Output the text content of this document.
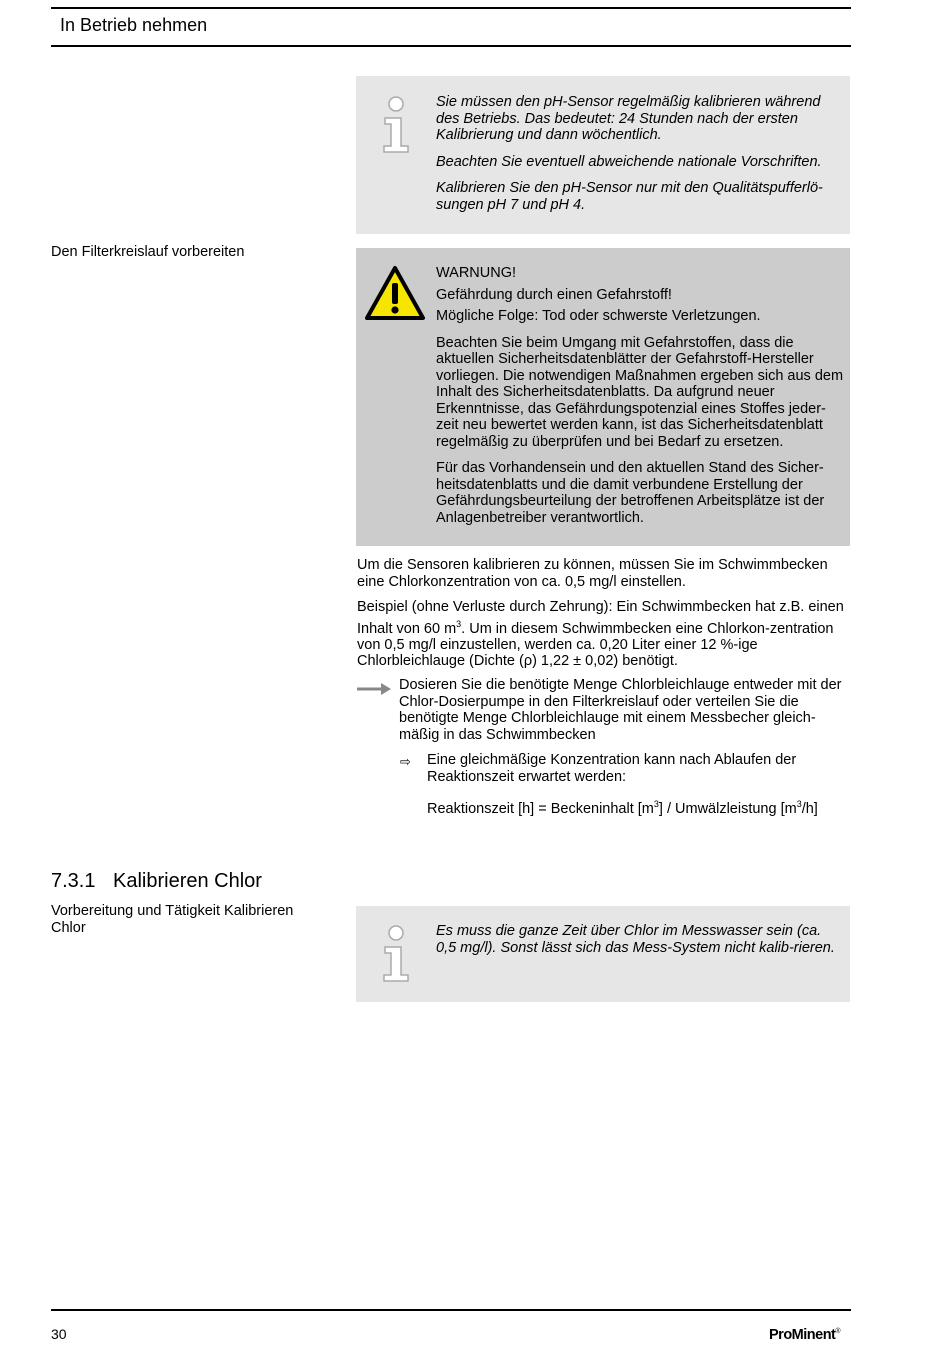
In Betrieb nehmen

Sie müssen den pH-Sensor regelmäßig kalibrieren während des Betriebs. Das bedeutet: 24 Stunden nach der ersten Kalibrierung und dann wöchentlich.

Beachten Sie eventuell abweichende nationale Vorschriften.

Kalibrieren Sie den pH-Sensor nur mit den Qualitätspufferlö-sungen pH 7 und pH 4.

Den Filterkreislauf vorbereiten

WARNUNG!

Gefährdung durch einen Gefahrstoff!

Mögliche Folge: Tod oder schwerste Verletzungen.

Beachten Sie beim Umgang mit Gefahrstoffen, dass die aktuellen Sicherheitsdatenblätter der Gefahrstoff-Hersteller vorliegen. Die notwendigen Maßnahmen ergeben sich aus dem Inhalt des Sicherheitsdatenblatts. Da aufgrund neuer Erkenntnisse, das Gefährdungspotenzial eines Stoffes jeder-zeit neu bewertet werden kann, ist das Sicherheitsdatenblatt regelmäßig zu überprüfen und bei Bedarf zu ersetzen.

Für das Vorhandensein und den aktuellen Stand des Sicher-heitsdatenblatts und die damit verbundene Erstellung der Gefährdungsbeurteilung der betroffenen Arbeitsplätze ist der Anlagenbetreiber verantwortlich.

Um die Sensoren kalibrieren zu können, müssen Sie im Schwimmbecken eine Chlorkonzentration von ca. 0,5 mg/l einstellen.

Beispiel (ohne Verluste durch Zehrung): Ein Schwimmbecken hat z.B. einen Inhalt von 60 $m^3$. Um in diesem Schwimmbecken eine Chlorkon-zentration von 0,5 mg/l einzustellen, werden ca. 0,20 Liter einer 12 %-ige Chlorbleichlauge (Dichte (ρ) 1,22 ± 0,02) benötigt.

Dosieren Sie die benötigte Menge Chlorbleichlauge entweder mit der Chlor-Dosierpumpe in den Filterkreislauf oder verteilen Sie die benötigte Menge Chlorbleichlauge mit einem Messbecher gleich-mäßig in das Schwimmbecken
⇨ Eine gleichmäßige Konzentration kann nach Ablaufen der Reaktionszeit erwartet werden:
Reaktionszeit [h] = Beckeninhalt $[m^3]$ / Umwälzleistung $[m^3/h]$
7.3.1 Kalibrieren Chlor
Vorbereitung und Tätigkeit Kalibrieren Chlor	Es muss die ganze Zeit über Chlor im Messwasser sein (ca. 0,5 mg/l). Sonst lässt sich das Mess-System nicht kalib-rieren.

30	ProMinent®
